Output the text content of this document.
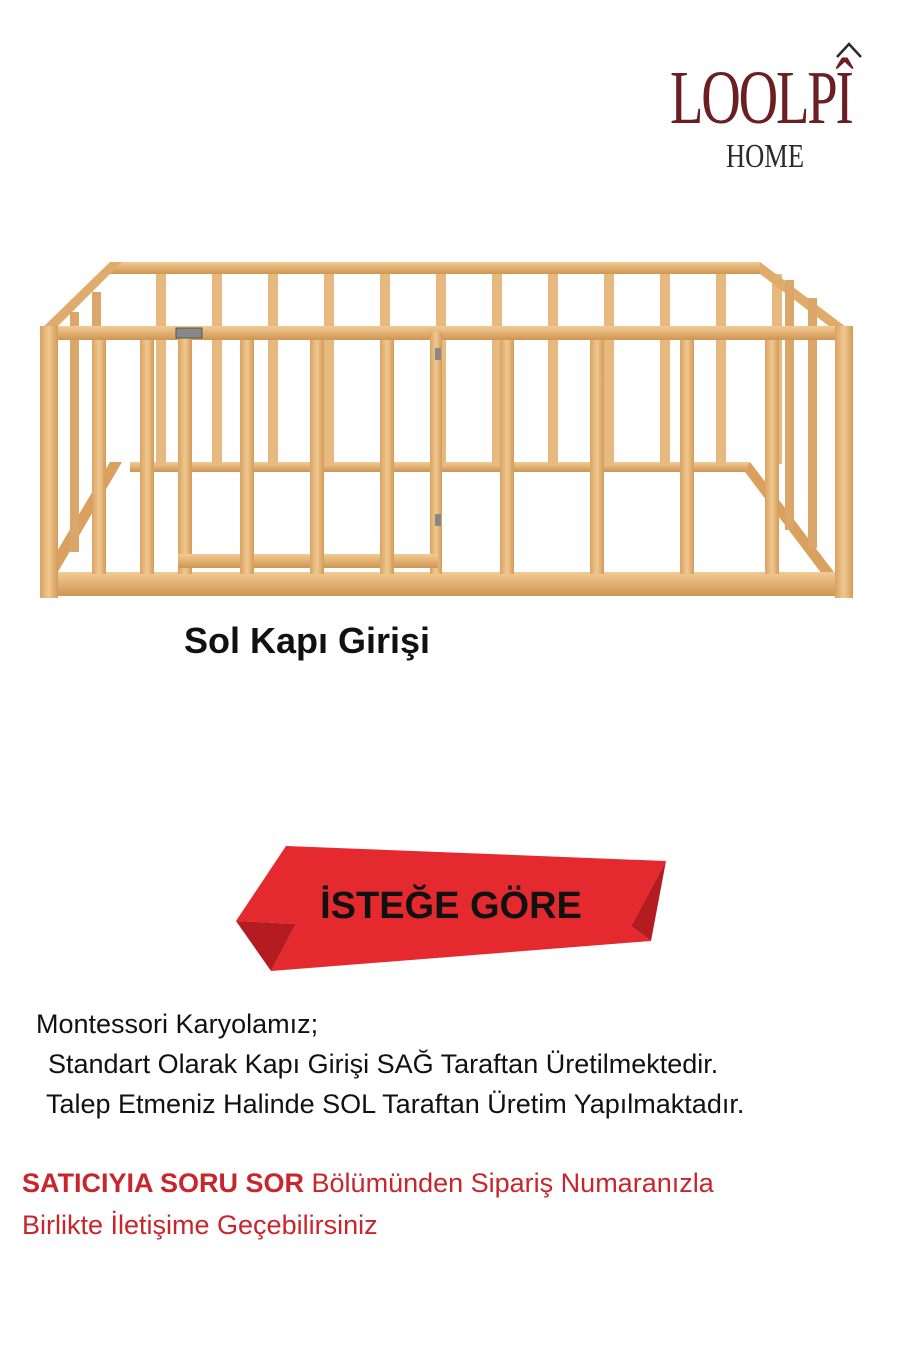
LOOLPÎ
HOME
Sol Kapı Girişi
İSTEĞE GÖRE
Montessori Karyolamız;
Standart Olarak Kapı Girişi SAĞ Taraftan Üretilmektedir.
Talep Etmeniz Halinde SOL Taraftan Üretim Yapılmaktadır.
SATICIYIA SORU SOR Bölümünden Sipariş Numaranızla
Birlikte İletişime Geçebilirsiniz
